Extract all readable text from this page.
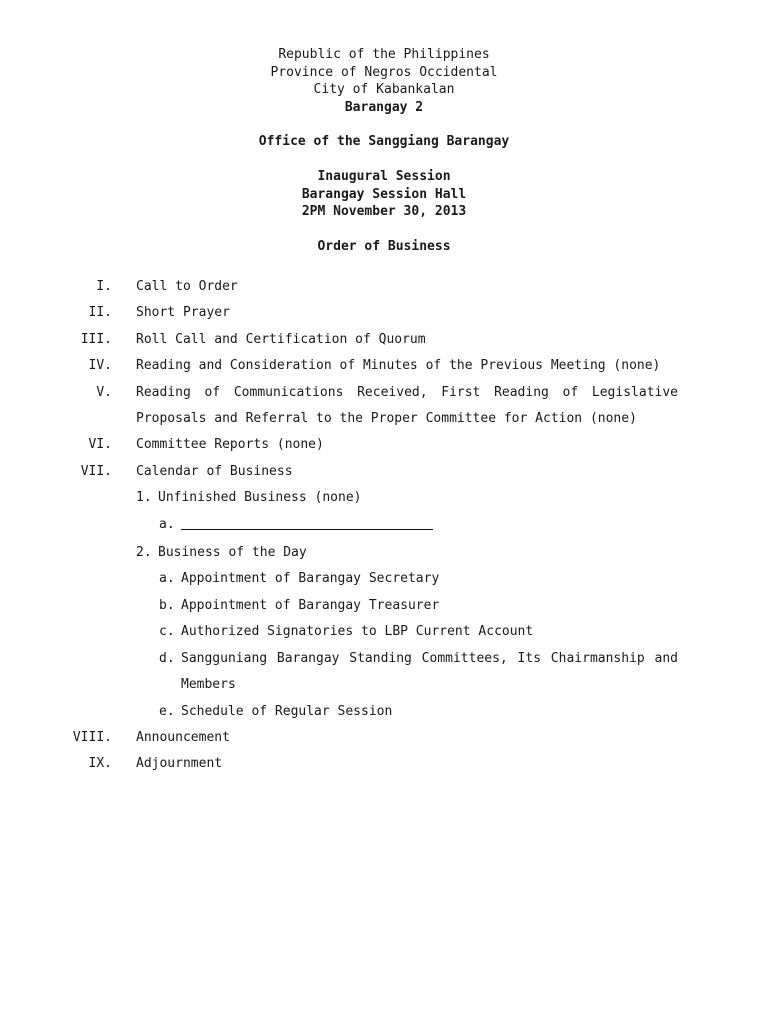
Republic of the Philippines
Province of Negros Occidental
City of Kabankalan
Barangay 2
Office of the Sanggiang Barangay
Inaugural Session
Barangay Session Hall
2PM November 30, 2013
Order of Business
I. Call to Order
II. Short Prayer
III. Roll Call and Certification of Quorum
IV. Reading and Consideration of Minutes of the Previous Meeting (none)
V. Reading of Communications Received, First Reading of Legislative Proposals and Referral to the Proper Committee for Action (none)
VI. Committee Reports (none)
VII. Calendar of Business
1. Unfinished Business (none)
a.
2. Business of the Day
a. Appointment of Barangay Secretary
b. Appointment of Barangay Treasurer
c. Authorized Signatories to LBP Current Account
d. Sangguniang Barangay Standing Committees, Its Chairmanship and Members
e. Schedule of Regular Session
VIII. Announcement
IX. Adjournment
